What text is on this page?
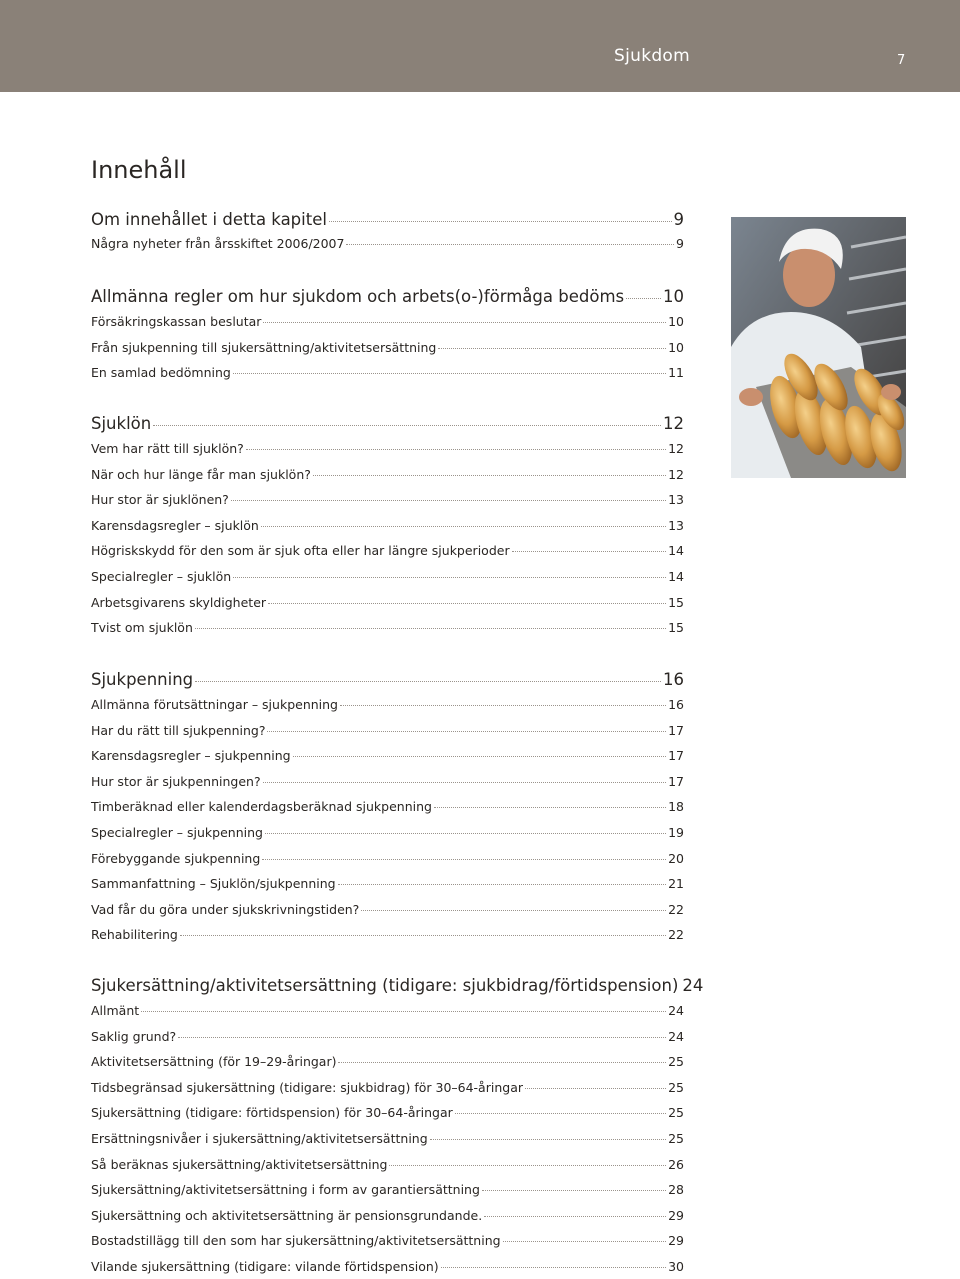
Sjukdom	7
Innehåll
Om innehållet i detta kapitel	9
Några nyheter från årsskiftet 2006/2007	9
Allmänna regler om hur sjukdom och arbets(o-)förmåga bedöms 10
Försäkringskassan beslutar	10
Från sjukpenning till sjukersättning/aktivitetsersättning	10
En samlad bedömning	11
Sjuklön	12
Vem har rätt till sjuklön?	12
När och hur länge får man sjuklön?	12
Hur stor är sjuklönen?	13
Karensdagsregler – sjuklön	13
Högriskskydd för den som är sjuk ofta eller har längre sjukperioder	14
Specialregler – sjuklön	14
Arbetsgivarens skyldigheter	15
Tvist om sjuklön	15
Sjukpenning	16
Allmänna förutsättningar – sjukpenning	16
Har du rätt till sjukpenning?	17
Karensdagsregler – sjukpenning	17
Hur stor är sjukpenningen?	17
Timberäknad eller kalenderdagsberäknad sjukpenning	18
Specialregler – sjukpenning	19
Förebyggande sjukpenning	20
Sammanfattning – Sjuklön/sjukpenning	21
Vad får du göra under sjukskrivningstiden?	22
Rehabilitering	22
Sjukersättning/aktivitetsersättning (tidigare: sjukbidrag/förtidspension) 24
Allmänt	24
Saklig grund?	24
Aktivitetsersättning (för 19–29-åringar)	25
Tidsbegränsad sjukersättning (tidigare: sjukbidrag) för 30–64-åringar	25
Sjukersättning (tidigare: förtidspension) för 30–64-åringar	25
Ersättningsnivåer i sjukersättning/aktivitetsersättning	25
Så beräknas sjukersättning/aktivitetsersättning	26
Sjukersättning/aktivitetsersättning i form av garantiersättning	28
Sjukersättning och aktivitetsersättning är pensionsgrundande.	29
Bostadstillägg till den som har sjukersättning/aktivitetsersättning	29
Vilande sjukersättning (tidigare: vilande förtidspension)	30
